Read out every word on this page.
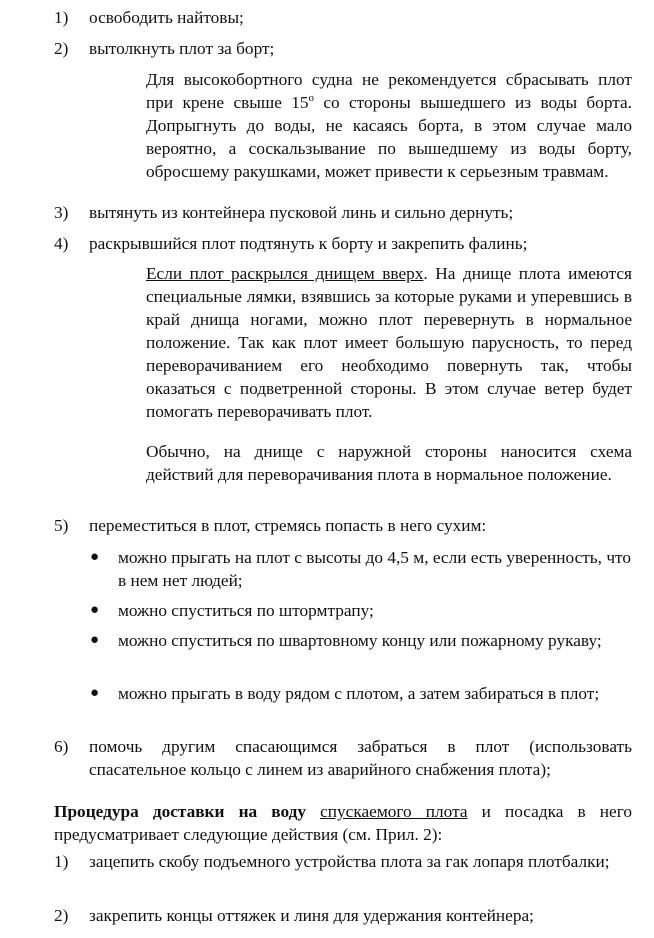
1)	освободить найтовы;
2)	вытолкнуть плот за борт;

Для высокобортного судна не рекомендуется сбрасывать плот при крене свыше 15$^o$ со стороны вышедшего из воды борта. Допрыгнуть до воды, не касаясь борта, в этом случае мало вероятно, а соскальзывание по вышедшему из воды борту, обросшему ракушками, может привести к серьезным травмам.

3)	вытянуть из контейнера пусковой линь и сильно дернуть;
4)	раскрывшийся плот подтянуть к борту и закрепить фалинь;

Если плот раскрылся днищем вверх. На днище плота имеются специальные лямки, взявшись за которые руками и уперевшись в край днища ногами, можно плот перевернуть в нормальное положение. Так как плот имеет большую парусность, то перед переворачиванием его необходимо повернуть так, чтобы оказаться с подветренной стороны. В этом случае ветер будет помогать переворачивать плот.

Обычно, на днище с наружной стороны наносится схема действий для переворачивания плота в нормальное положение.

5)	переместиться в плот, стремясь попасть в него сухим:
● можно прыгать на плот с высоты до 4,5 м, если есть уверенность, что в нем нет людей;
● можно спуститься по штормтрапу;
● можно спуститься по швартовному концу или пожарному рукаву;
● можно прыгать в воду рядом с плотом, а затем забираться в плот;
6)	помочь другим спасающимся забраться в плот (использовать спасательное кольцо с линем из аварийного снабжения плота);
Процедура доставки на воду спускаемого плота и посадка в него предусматривает следующие действия (см. Прил. 2):
1)	зацепить скобу подъемного устройства плота за гак лопаря плотбалки;
2)	закрепить концы оттяжек и линя для удержания контейнера;
